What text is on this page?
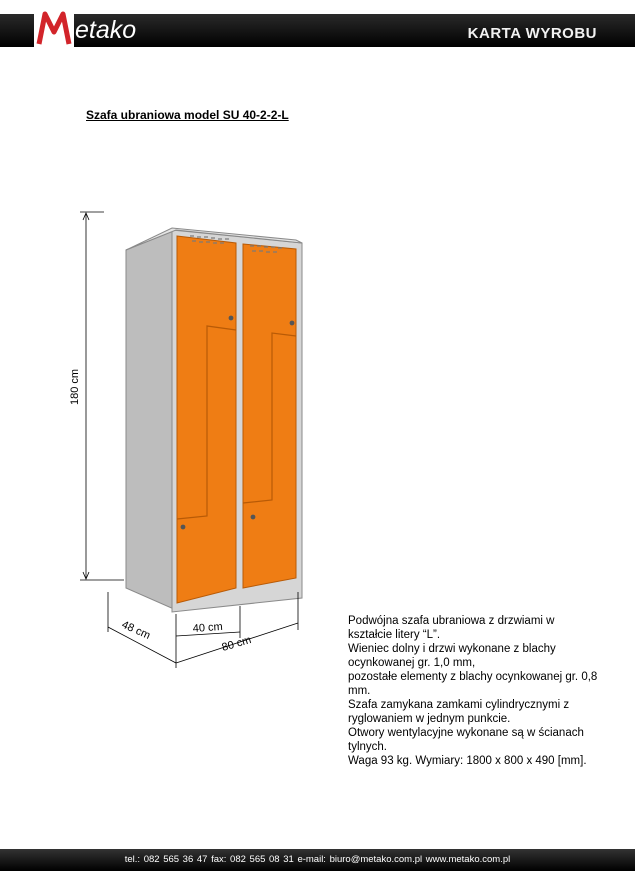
etako	KARTA WYROBU
Szafa ubraniowa model SU 40-2-2-L
180 cm
48 cm	40 cm
80 cm

Podwójna szafa ubraniowa z drzwiami w kształcie litery “L”.

Wieniec dolny i drzwi wykonane z blachy ocynkowanej gr. 1,0 mm,

pozostałe elementy z blachy ocynkowanej gr. 0,8 mm.

Szafa zamykana zamkami cylindrycznymi z ryglowaniem w jednym punkcie.

Otwory wentylacyjne wykonane są w ścianach tylnych.

Waga 93 kg. Wymiary: 1800 x 800 x 490 [mm].

tel.: 082 565 36 47 fax: 082 565 08 31 e-mail: biuro@metako.com.pl www.metako.com.pl
